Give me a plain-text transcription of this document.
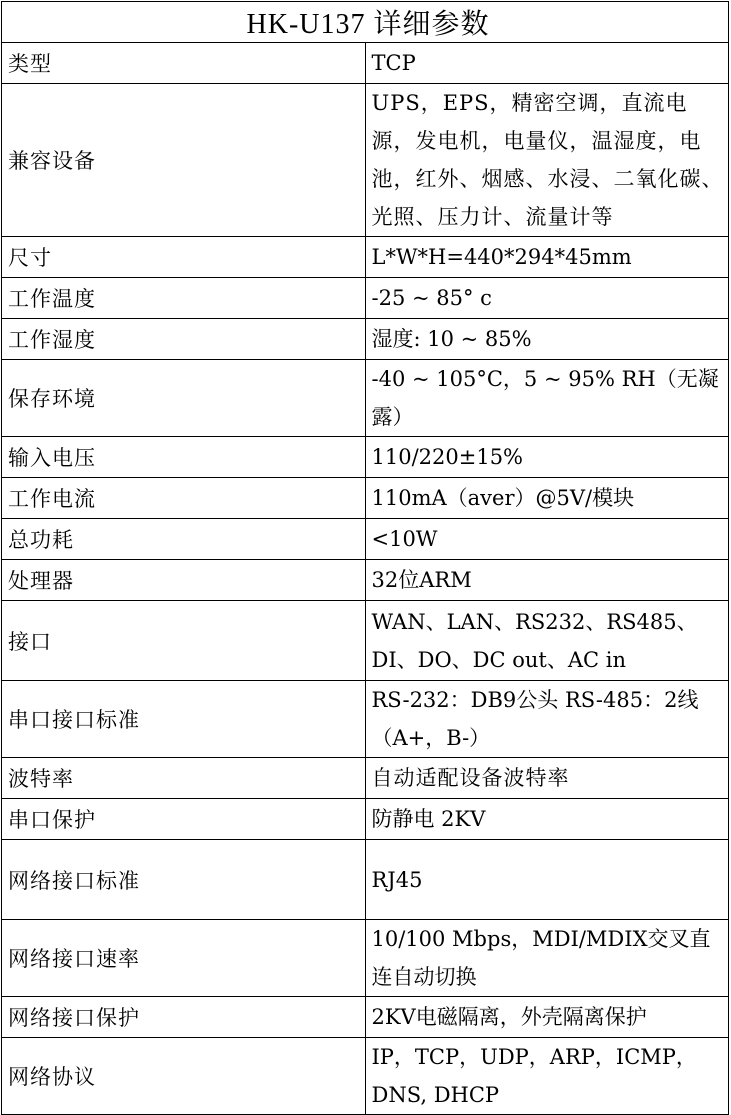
HK-U137 详细参数	
类型	TCP
兼容设备	UPS，EPS，精密空调，直流电源，发电机，电量仪，温湿度，电池，红外、烟感、水浸、二氧化碳、光照、压力计、流量计等
尺寸	L*W*H=440*294*45mm
工作温度	-25 ~ 85° c
工作湿度	湿度: 10 ~ 85%
保存环境	-40 ~ 105°C，5 ~ 95% RH（无凝露）
输入电压	110/220±15%
工作电流	110mA（aver）@5V/模块
总功耗	<10W
处理器	32位ARM
接口	WAN、LAN、RS232、RS485、DI、DO、DC out、AC in
串口接口标准	RS-232：DB9公头 RS-485：2线（A+，B-）
波特率	自动适配设备波特率
串口保护	防静电 2KV
网络接口标准	RJ45
网络接口速率	10/100 Mbps，MDI/MDIX交叉直连自动切换
网络接口保护	2KV电磁隔离，外壳隔离保护
网络协议	IP，TCP，UDP，ARP，ICMP，DNS, DHCP
